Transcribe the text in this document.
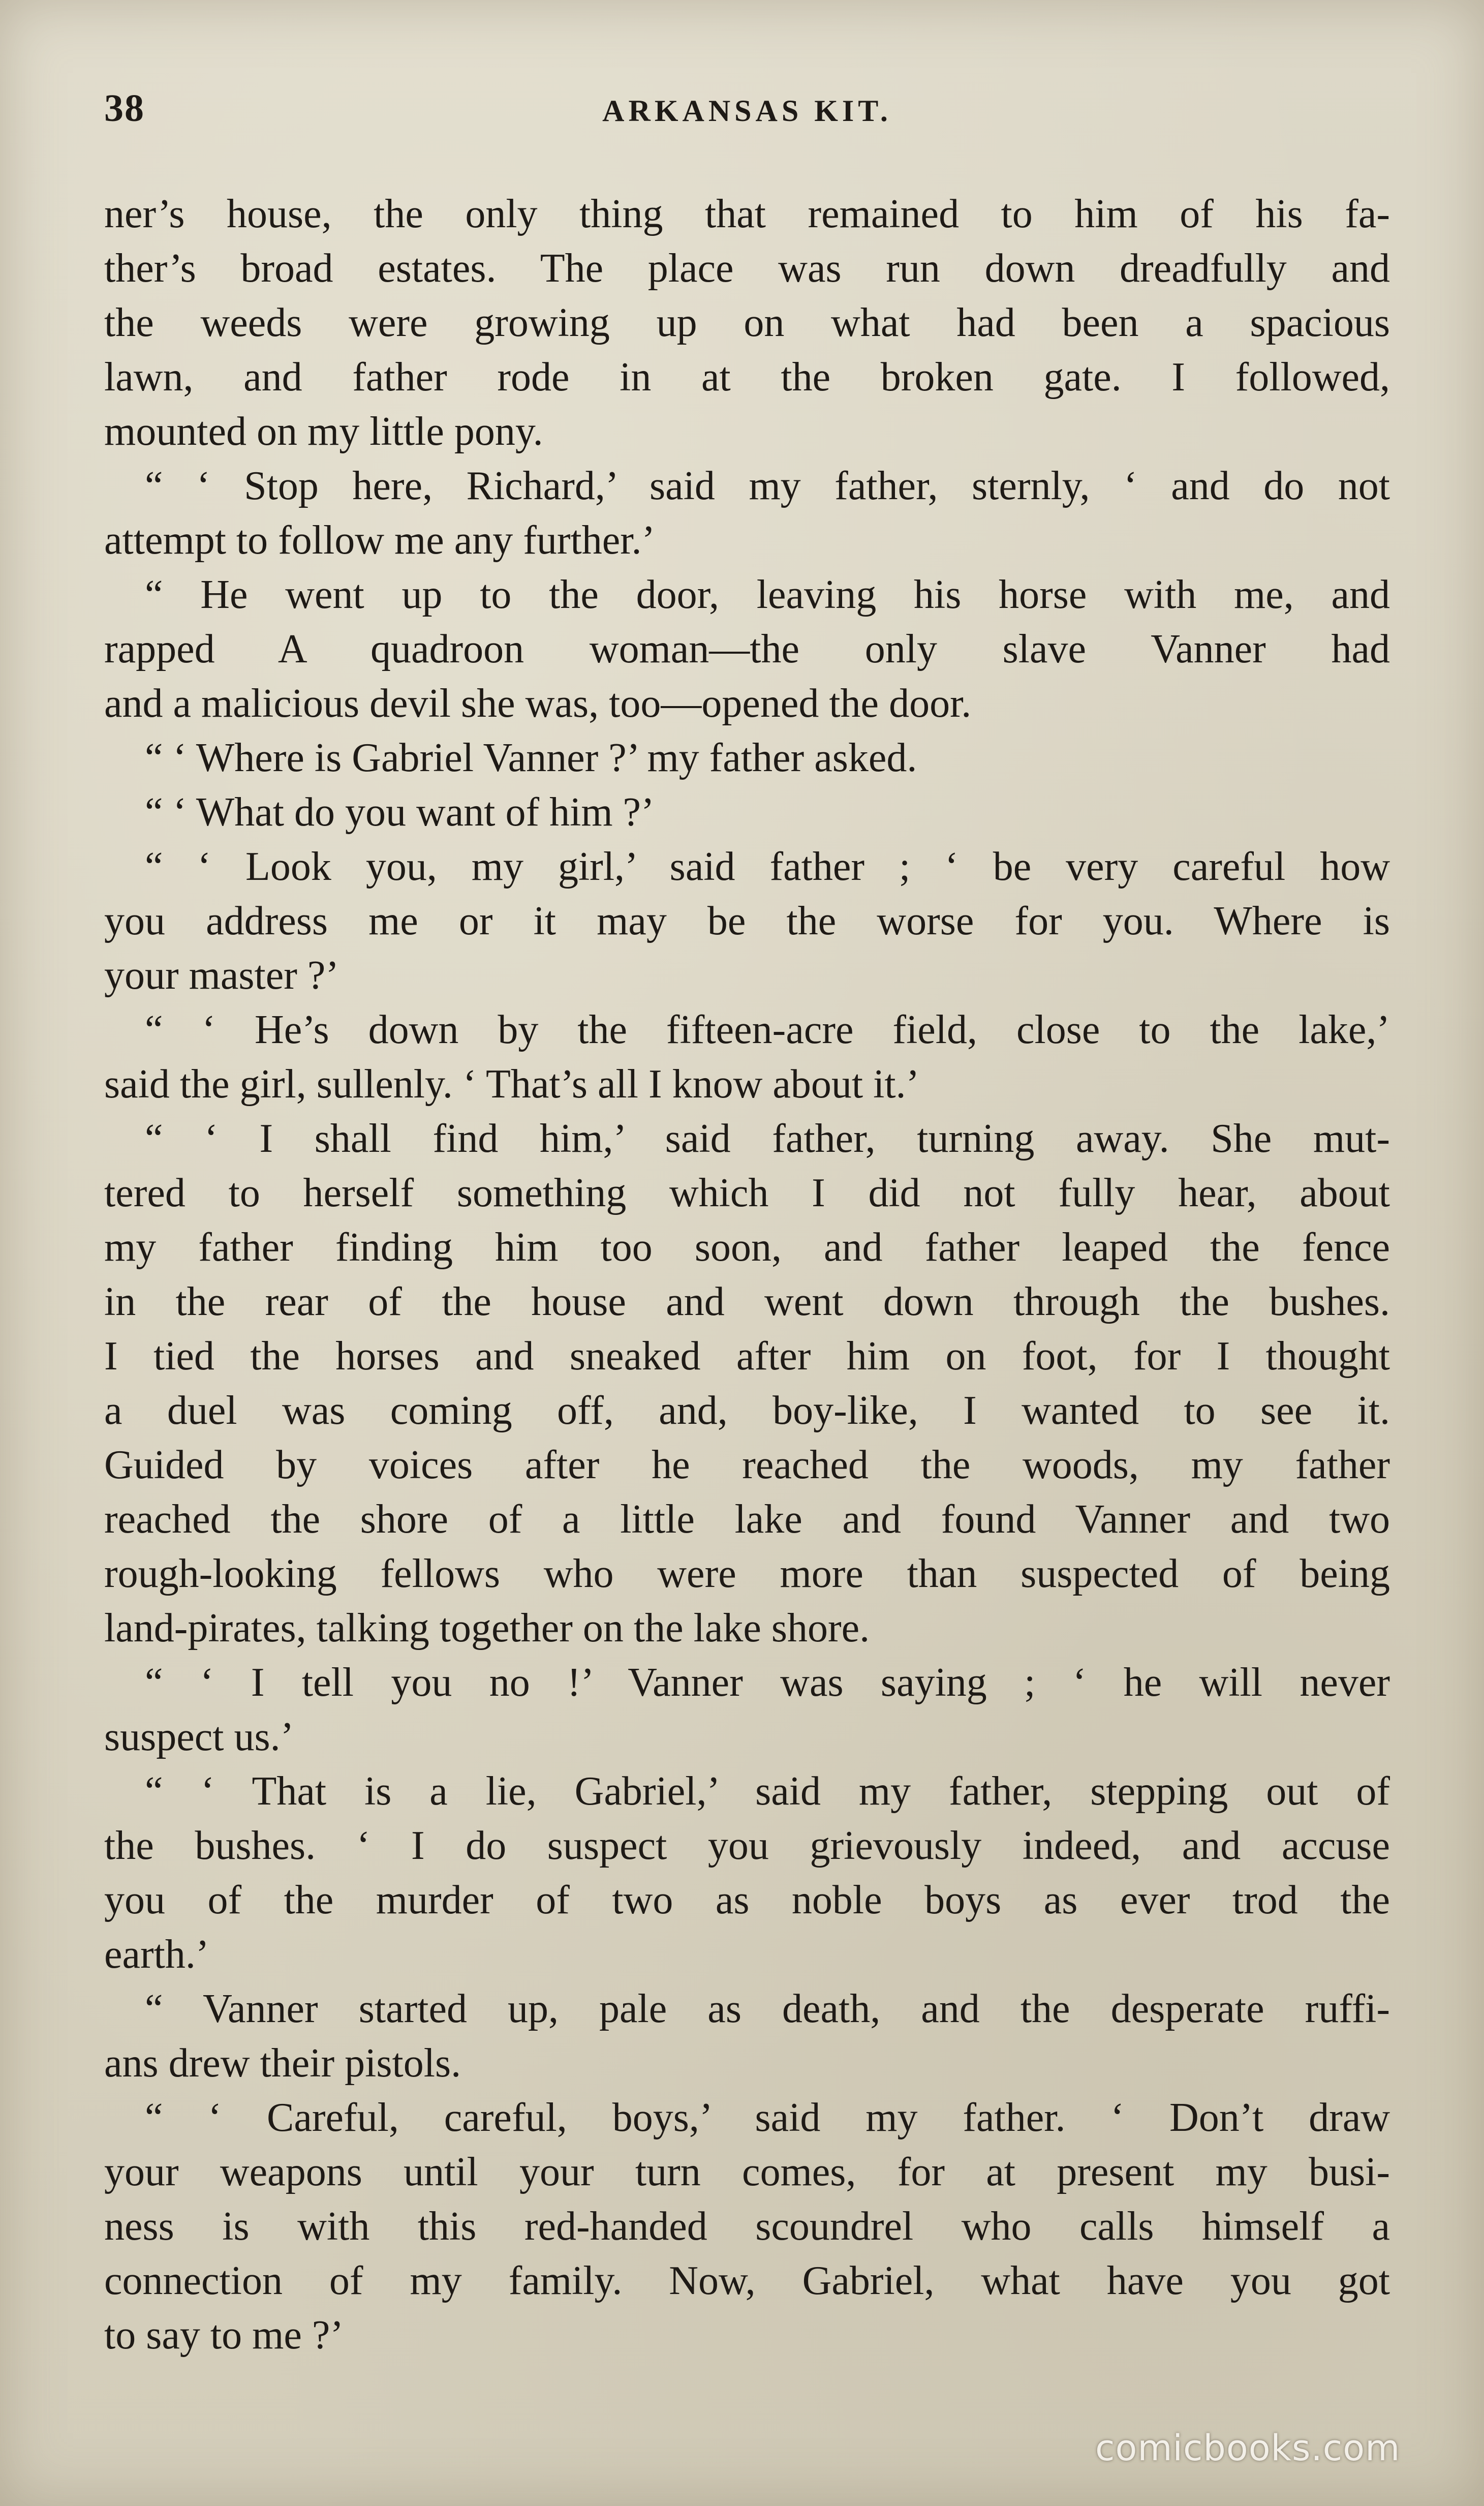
38	ARKANSAS KIT.
ner’s house, the only thing that remained to him of his fa-
ther’s broad estates. The place was run down dreadfully and
the weeds were growing up on what had been a spacious
lawn, and father rode in at the broken gate. I followed,
mounted on my little pony.
“ ‘ Stop here, Richard,’ said my father, sternly, ‘ and do not
attempt to follow me any further.’
“ He went up to the door, leaving his horse with me, and
rapped A quadroon woman—the only slave Vanner had
and a malicious devil she was, too—opened the door.
“ ‘ Where is Gabriel Vanner ?’ my father asked.
“ ‘ What do you want of him ?’
“ ‘ Look you, my girl,’ said father ; ‘ be very careful how
you address me or it may be the worse for you. Where is
your master ?’
“ ‘ He’s down by the fifteen-acre field, close to the lake,’
said the girl, sullenly. ‘ That’s all I know about it.’
“ ‘ I shall find him,’ said father, turning away. She mut-
tered to herself something which I did not fully hear, about
my father finding him too soon, and father leaped the fence
in the rear of the house and went down through the bushes.
I tied the horses and sneaked after him on foot, for I thought
a duel was coming off, and, boy-like, I wanted to see it.
Guided by voices after he reached the woods, my father
reached the shore of a little lake and found Vanner and two
rough-looking fellows who were more than suspected of being
land-pirates, talking together on the lake shore.
“ ‘ I tell you no !’ Vanner was saying ; ‘ he will never
suspect us.’
“ ‘ That is a lie, Gabriel,’ said my father, stepping out of
the bushes. ‘ I do suspect you grievously indeed, and accuse
you of the murder of two as noble boys as ever trod the
earth.’
“ Vanner started up, pale as death, and the desperate ruffi-
ans drew their pistols.
“ ‘ Careful, careful, boys,’ said my father. ‘ Don’t draw
your weapons until your turn comes, for at present my busi-
ness is with this red-handed scoundrel who calls himself a
connection of my family. Now, Gabriel, what have you got
to say to me ?’
comicbooks.com
